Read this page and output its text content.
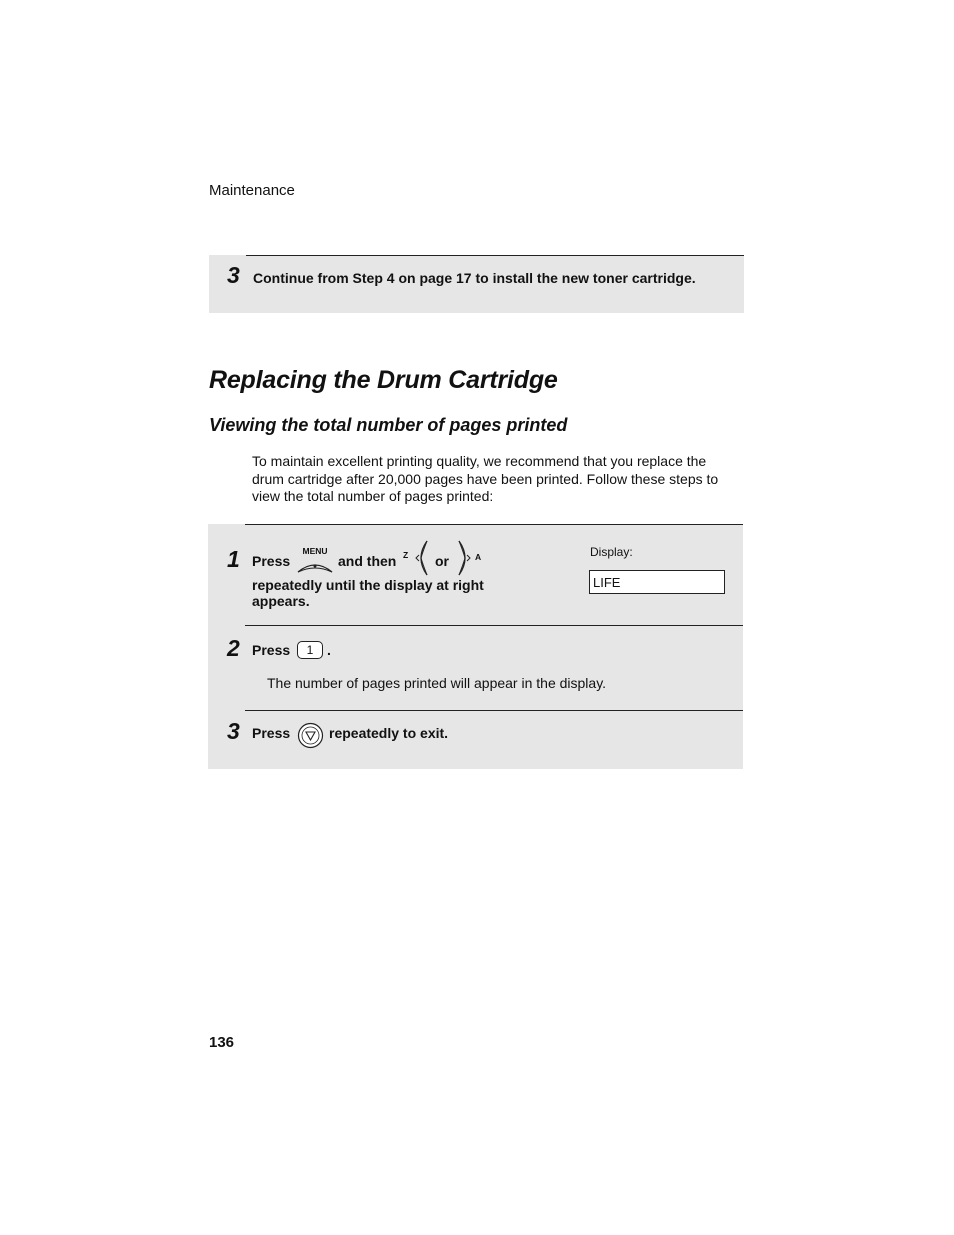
Maintenance
3 Continue from Step 4 on page 17 to install the new toner cartridge.
Replacing the Drum Cartridge
Viewing the total number of pages printed
To maintain excellent printing quality, we recommend that you replace the drum cartridge after 20,000 pages have been printed. Follow these steps to view the total number of pages printed:
1 Press
MENU
and then Z or	A
repeatedly until the display at right
appears.
Display:
LIFE
2 Press	1 .
The number of pages printed will appear in the display.
3 Press	repeatedly to exit.
136
